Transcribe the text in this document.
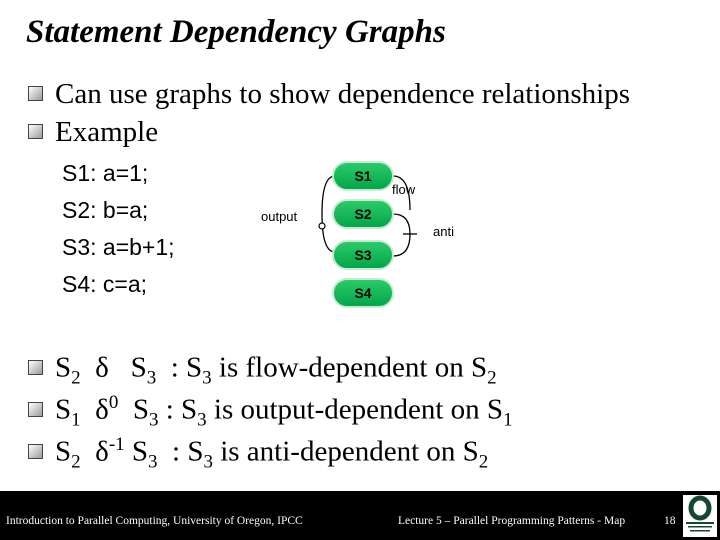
Statement Dependency Graphs
Can use graphs to show dependence relationships
Example
S1: a=1;
S2: b=a;
S3: a=b+1;
S4: c=a;
S1
S2
S3
S4
flow
anti
output
$S_2$ δ $S_3$ : $S_3$ is flow-dependent on $S_2$
$S_1$ $\delta^0$ $S_3$ : $S_3$ is output-dependent on $S_1$
$S_2$ $\delta^{-1}$ $S_3$ : $S_3$ is anti-dependent on $S_2$
Introduction to Parallel Computing, University of Oregon, IPCC	Lecture 5 – Parallel Programming Patterns - Map	18
